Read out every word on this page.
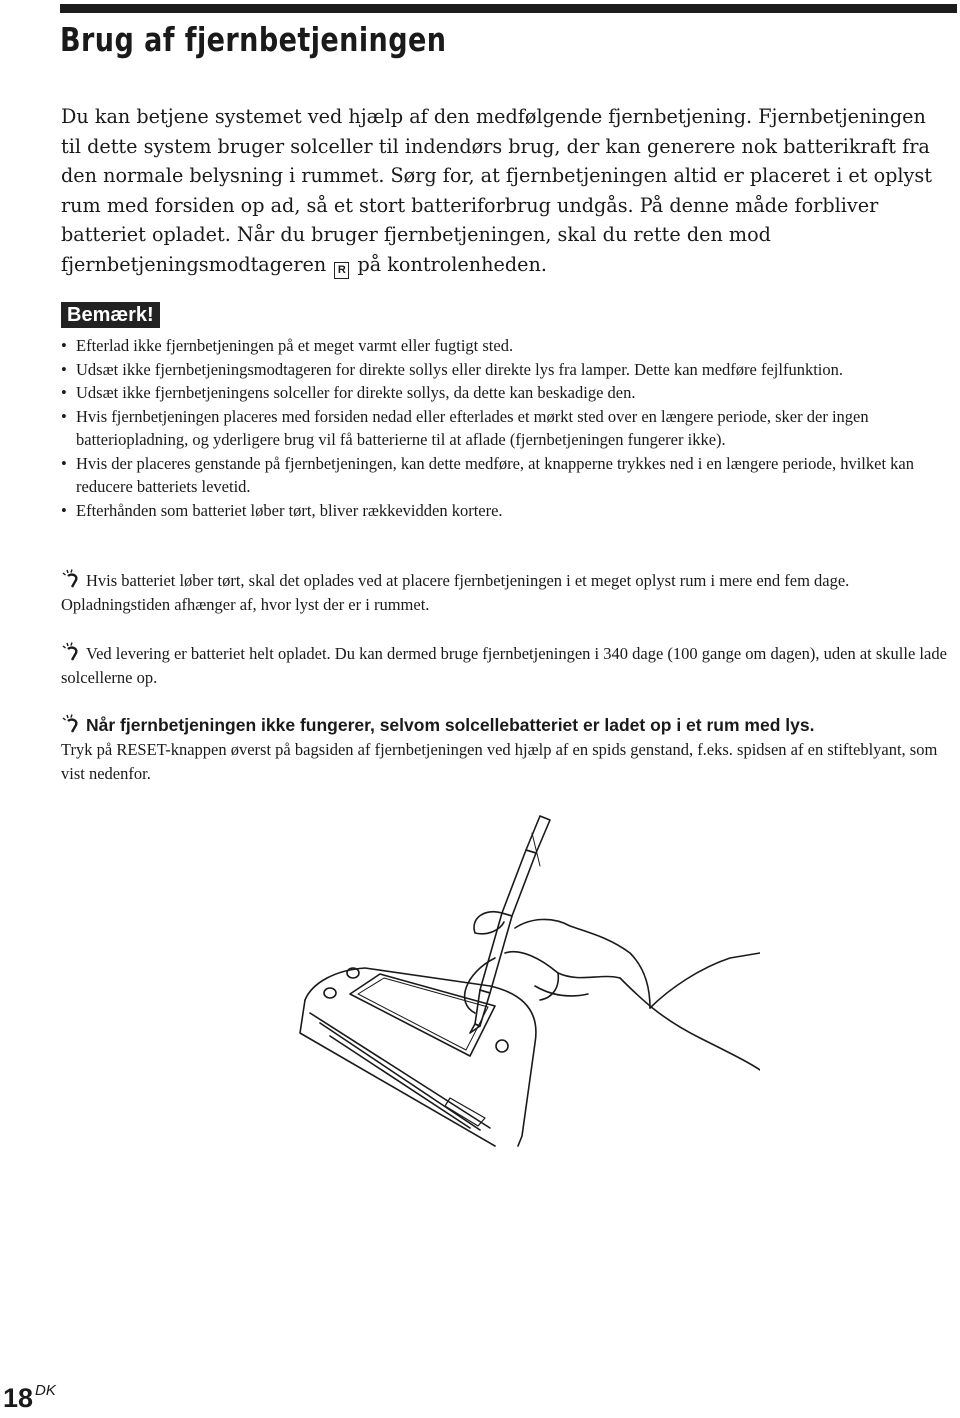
Brug af fjernbetjeningen

Du kan betjene systemet ved hjælp af den medfølgende fjernbetjening. Fjernbetjeningen til dette system bruger solceller til indendørs brug, der kan generere nok batterikraft fra den normale belysning i rummet. Sørg for, at fjernbetjeningen altid er placeret i et oplyst rum med forsiden op ad, så et stort batteriforbrug undgås. På denne måde forbliver batteriet opladet. Når du bruger fjernbetjeningen, skal du rette den mod fjernbetjeningsmodtageren R på kontrolenheden.

Bemærk!
• Efterlad ikke fjernbetjeningen på et meget varmt eller fugtigt sted.
• Udsæt ikke fjernbetjeningsmodtageren for direkte sollys eller direkte lys fra lamper. Dette kan medføre fejlfunktion.
• Udsæt ikke fjernbetjeningens solceller for direkte sollys, da dette kan beskadige den.
• Hvis fjernbetjeningen placeres med forsiden nedad eller efterlades et mørkt sted over en længere periode, sker der ingen batteriopladning, og yderligere brug vil få batterierne til at aflade (fjernbetjeningen fungerer ikke).
• Hvis der placeres genstande på fjernbetjeningen, kan dette medføre, at knapperne trykkes ned i en længere periode, hvilket kan reducere batteriets levetid.
• Efterhånden som batteriet løber tørt, bliver rækkevidden kortere.

Hvis batteriet løber tørt, skal det oplades ved at placere fjernbetjeningen i et meget oplyst rum i mere end fem dage. Opladningstiden afhænger af, hvor lyst der er i rummet.

Ved levering er batteriet helt opladet. Du kan dermed bruge fjernbetjeningen i 340 dage (100 gange om dagen), uden at skulle lade solcellerne op.

Når fjernbetjeningen ikke fungerer, selvom solcellebatteriet er ladet op i et rum med lys.

Tryk på RESET-knappen øverst på bagsiden af fjernbetjeningen ved hjælp af en spids genstand, f.eks. spidsen af en stifteblyant, som vist nedenfor.

18 $^{DK}$
